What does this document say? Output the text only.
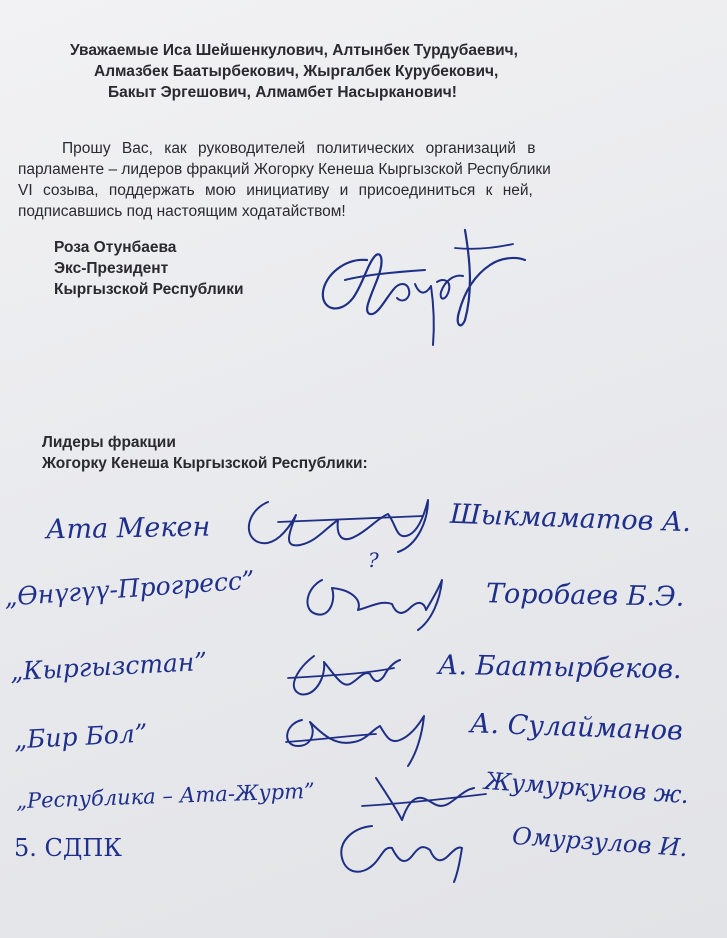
Уважаемые Иса Шейшенкулович, Алтынбек Турдубаевич,
Алмазбек Баатырбекович, Жыргалбек Курубекович,
Бакыт Эргешович, Алмамбет Насырканович!
Прошу Вас, как руководителей политических организаций в
парламенте – лидеров фракций Жогорку Кенеша Кыргызской Республики
VI созыва, поддержать мою инициативу и присоединиться к ней,
подписавшись под настоящим ходатайством!
Роза Отунбаева
Экс-Президент
Кыргызской Республики
Лидеры фракции
Жогорку Кенеша Кыргызской Республики:
Ата Мекен	Шыкмаматов А.
?
„Өнүгүү-Прогресс”	Торобаев Б.Э.
„Кыргызстан”	А. Баатырбеков.
„Бир Бол”	А. Сулайманов
„Республика – Ата-Журт”	Жумуркунов ж.
5. СДПК	Омурзулов И.
